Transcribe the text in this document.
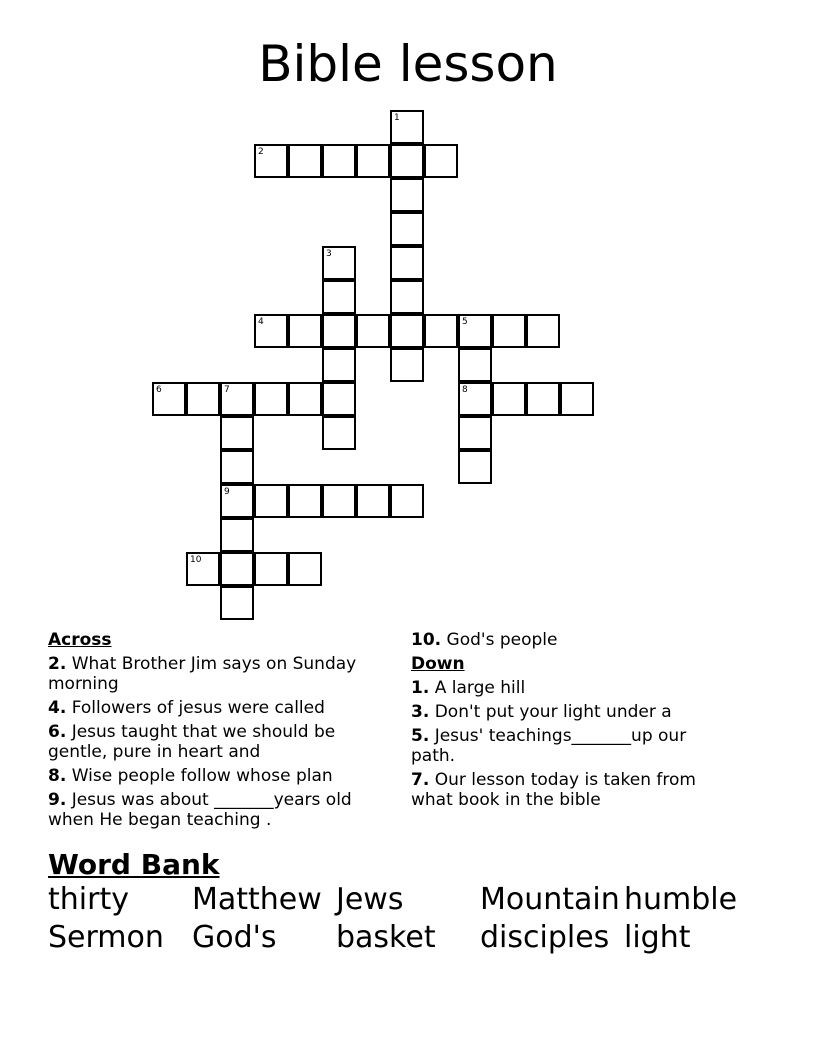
Bible lesson
1
2
3
4	5
8
6	7
9
10
Across
2. What Brother Jim says on Sunday morning
4. Followers of jesus were called
6. Jesus taught that we should be gentle, pure in heart and
8. Wise people follow whose plan
9. Jesus was about _______years old when He began teaching .
10. God's people
Down
1. A large hill
3. Don't put your light under a
5. Jesus' teachings_______up our path.
7. Our lesson today is taken from what book in the bible
Word Bank
thirty Matthew Jews	Mountain humble
Sermon God's basket disciples light
